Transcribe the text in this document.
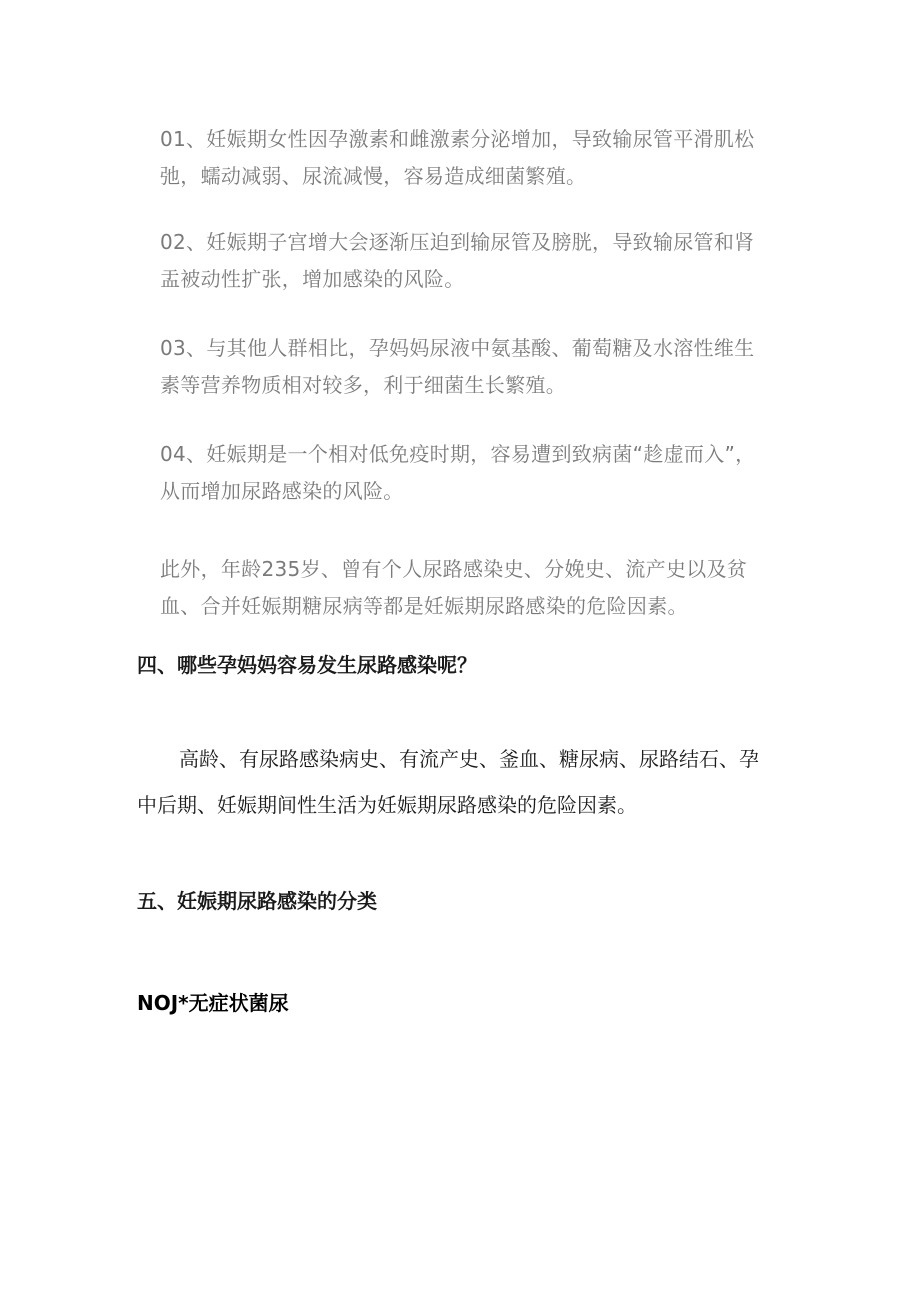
01、妊娠期女性因孕激素和雌激素分泌增加，导致输尿管平滑肌松弛，蠕动减弱、尿流减慢，容易造成细菌繁殖。

02、妊娠期子宫增大会逐渐压迫到输尿管及膀胱，导致输尿管和肾盂被动性扩张，增加感染的风险。

03、与其他人群相比，孕妈妈尿液中氨基酸、葡萄糖及水溶性维生素等营养物质相对较多，利于细菌生长繁殖。

04、妊娠期是一个相对低免疫时期，容易遭到致病菌“趁虚而入”，从而增加尿路感染的风险。

此外，年龄235岁、曾有个人尿路感染史、分娩史、流产史以及贫血、合并妊娠期糖尿病等都是妊娠期尿路感染的危险因素。

四、哪些孕妈妈容易发生尿路感染呢？

高龄、有尿路感染病史、有流产史、釜血、糖尿病、尿路结石、孕中后期、妊娠期间性生活为妊娠期尿路感染的危险因素。

五、妊娠期尿路感染的分类
NOJ*无症状菌尿
